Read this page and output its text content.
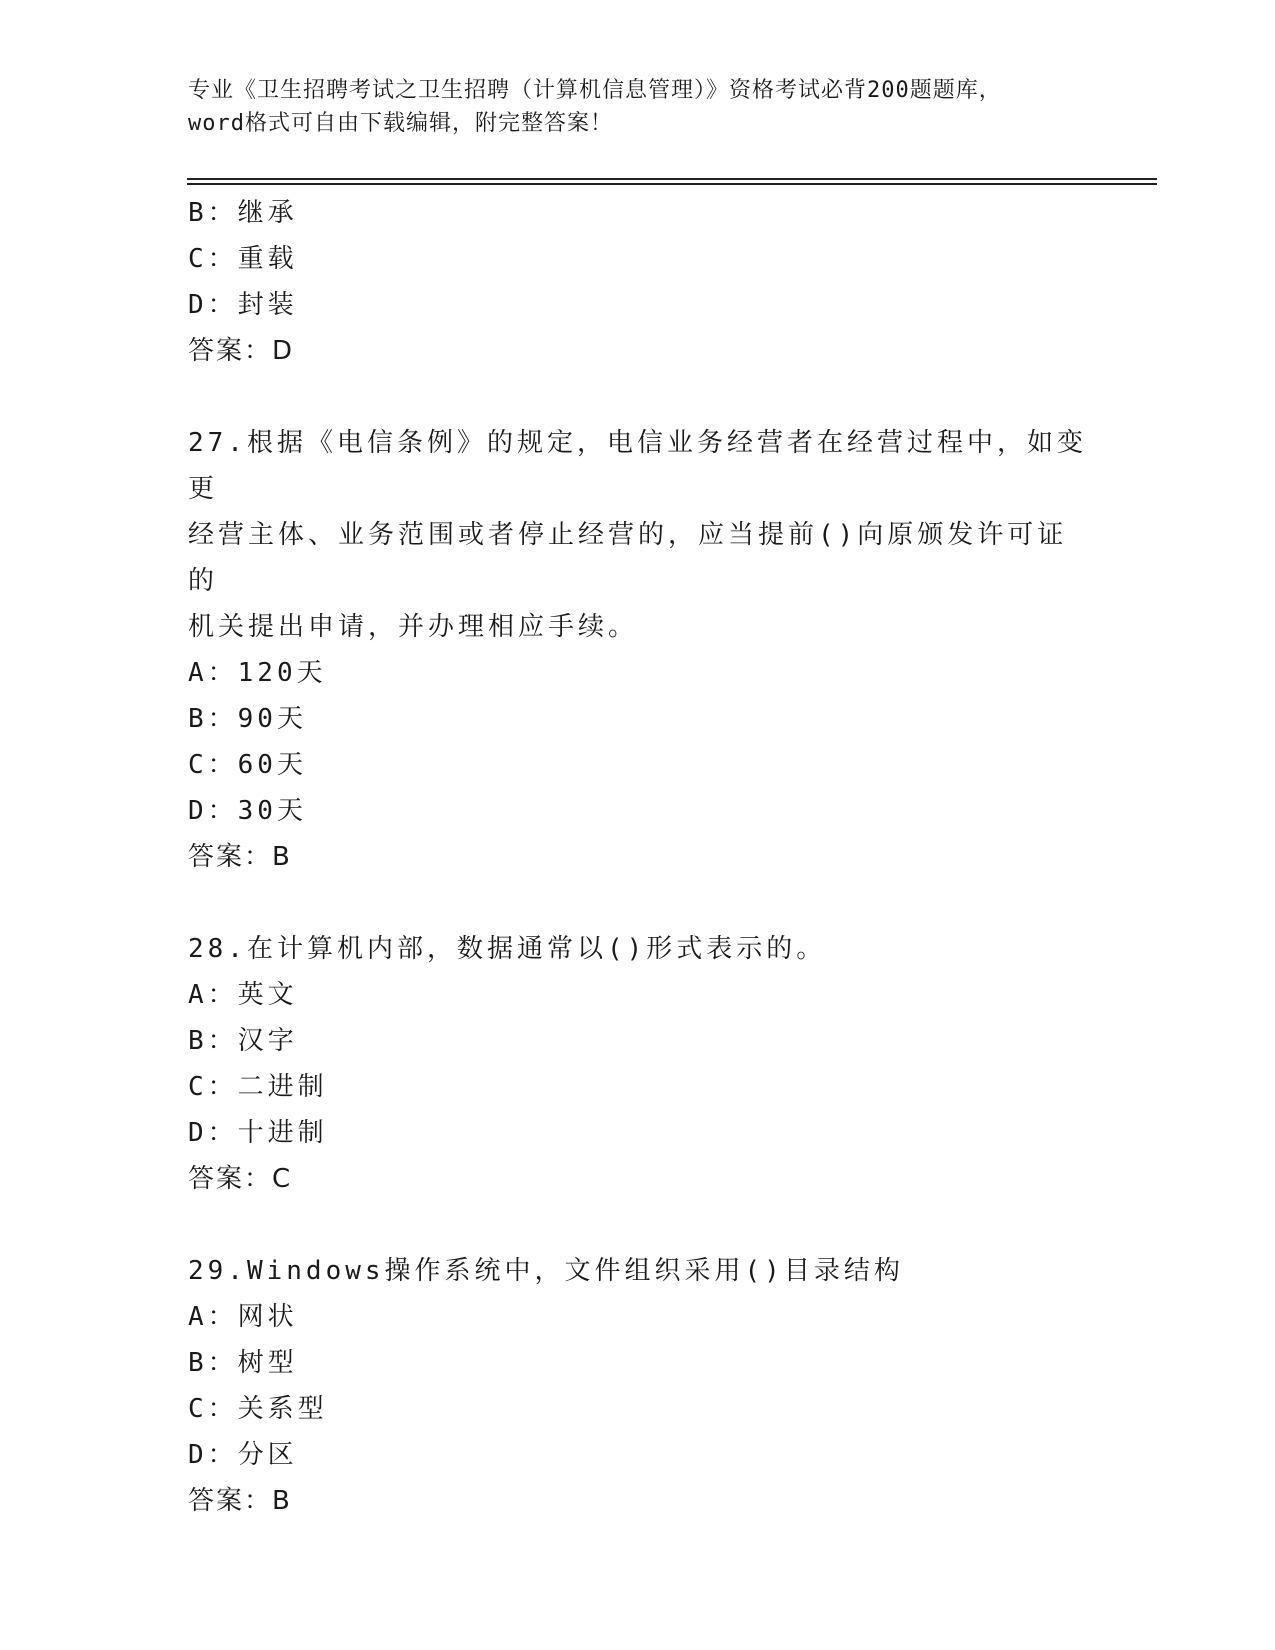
专业《卫生招聘考试之卫生招聘（计算机信息管理）》资格考试必背200题题库，
word格式可自由下载编辑，附完整答案！
B：继承
C：重载
D：封装
答案：D
27.根据《电信条例》的规定，电信业务经营者在经营过程中，如变更
经营主体、业务范围或者停止经营的，应当提前()向原颁发许可证的
机关提出申请，并办理相应手续。
A：120天
B：90天
C：60天
D：30天
答案：B
28.在计算机内部，数据通常以()形式表示的。
A：英文
B：汉字
C：二进制
D：十进制
答案：C
29.Windows操作系统中，文件组织采用()目录结构
A：网状
B：树型
C：关系型
D：分区
答案：B
